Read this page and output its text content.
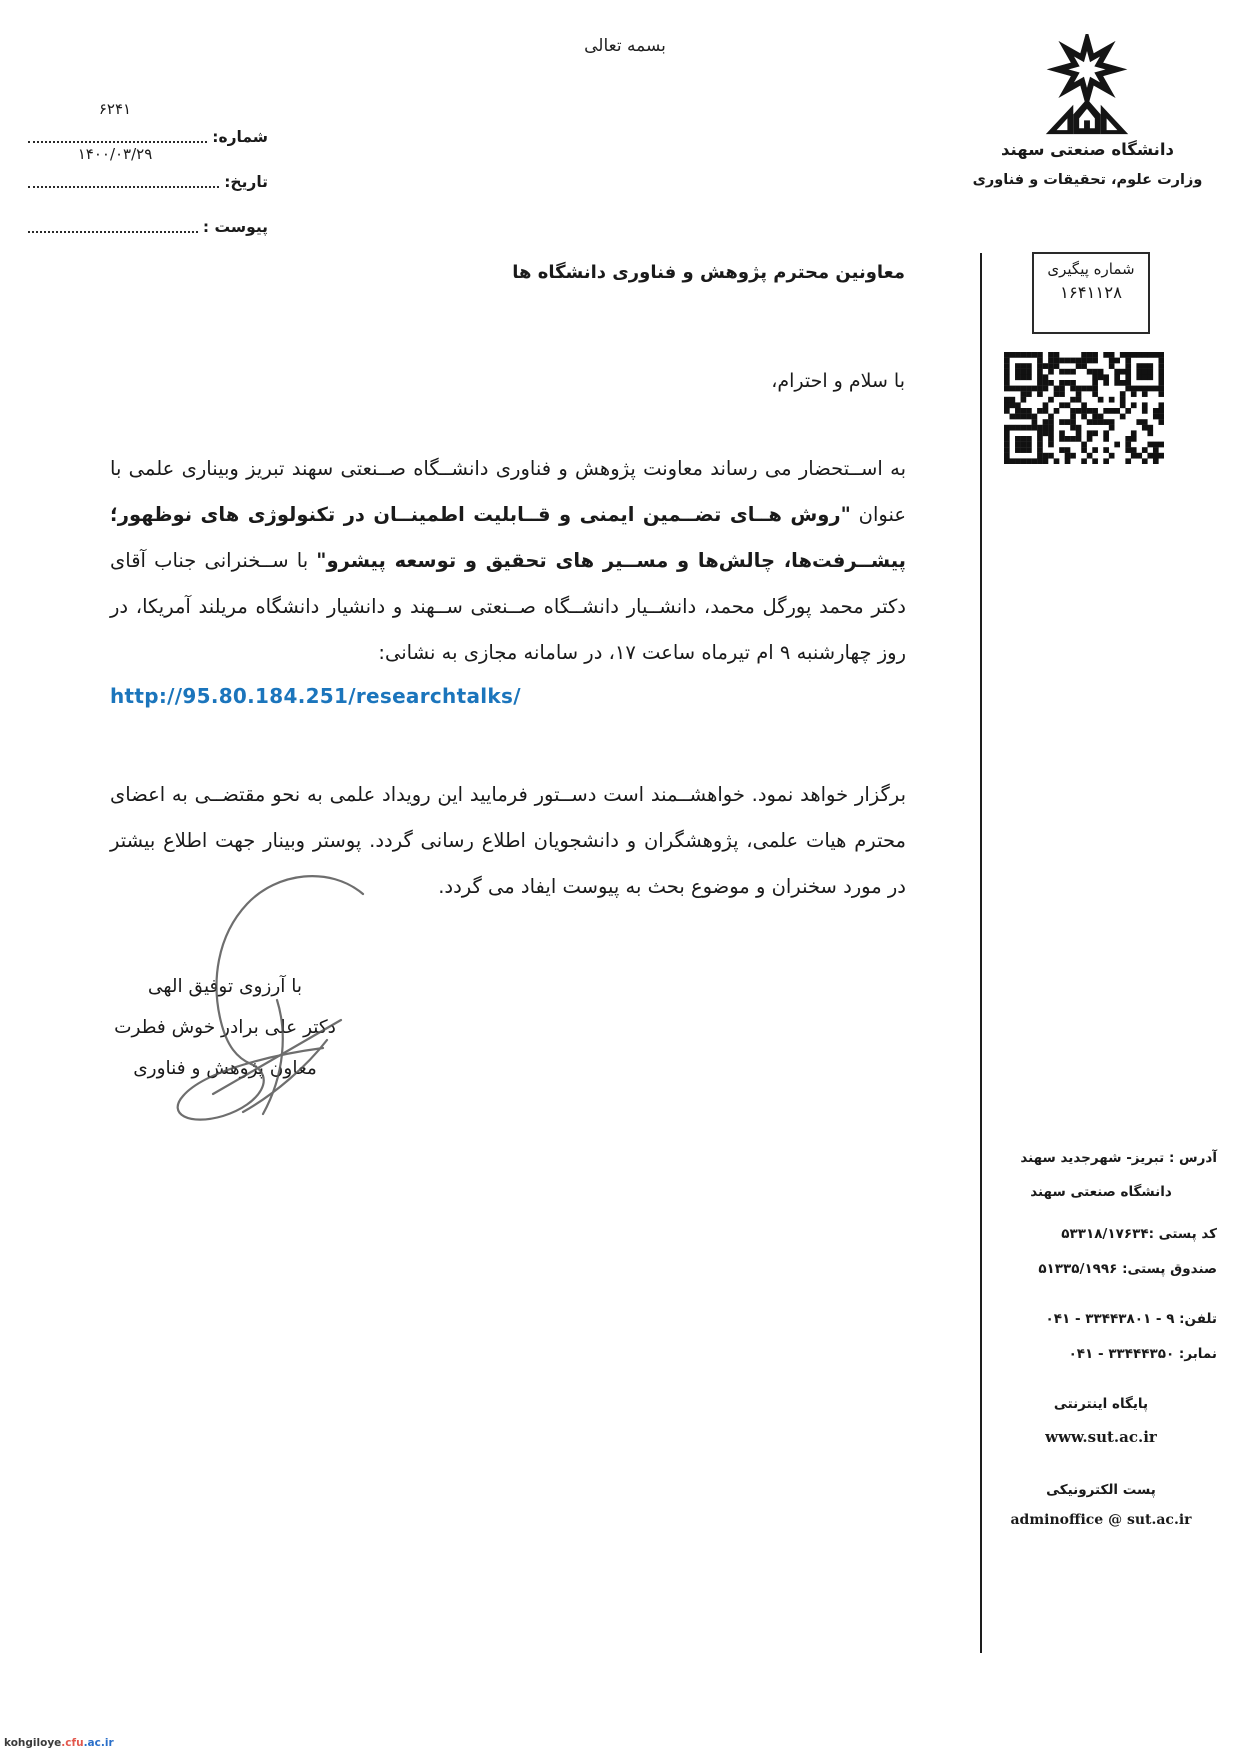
بسمه تعالی
شماره:
۶۲۴۱
تاریخ:
۱۴۰۰/۰۳/۲۹
پیوست :
دانشگاه صنعتی سهند
وزارت علوم، تحقیقات و فناوری
شماره پیگیری
۱۶۴۱۱۲۸
معاونین محترم پژوهش و فناوری دانشگاه ها
با سلام و احترام،

به اســتحضار می رساند معاونت پژوهش و فناوری دانشــگاه صــنعتی سهند تبریز وبیناری علمی با عنوان "روش هــای تضــمین ایمنی و قــابلیت اطمینــان در تکنولوژی های نوظهور؛ پیشــرفت‌ها، چالش‌ها و مســیر های تحقیق و توسعه پیشرو" با ســخنرانی جناب آقای دکتر محمد پورگل محمد، دانشــیار دانشــگاه صــنعتی ســهند و دانشیار دانشگاه مریلند آمریکا، در روز چهارشنبه ۹ ام تیرماه ساعت ۱۷، در سامانه مجازی به نشانی:

http://95.80.184.251/researchtalks/

برگزار خواهد نمود. خواهشــمند است دســتور فرمایید این رویداد علمی به نحو مقتضــی به اعضای محترم هیات علمی، پژوهشگران و دانشجویان اطلاع رسانی گردد. پوستر وبینار جهت اطلاع بیشتر در مورد سخنران و موضوع بحث به پیوست ایفاد می گردد.

با آرزوی توفیق الهی
دکتر علی برادر خوش فطرت
معاون پژوهش و فناوری
آدرس : تبریز- شهرجدید سهند
دانشگاه صنعتی سهند
کد پستی :۵۳۳۱۸/۱۷۶۳۴
صندوق پستی: ۵۱۳۳۵/۱۹۹۶
تلفن: ۹ - ۳۳۴۴۳۸۰۱ - ۰۴۱
نمابر: ۳۳۴۴۴۳۵۰ - ۰۴۱
پایگاه اینترنتی
www.sut.ac.ir
پست الکترونیکی
adminoffice @ sut.ac.ir
kohgiloye.cfu.ac.ir
